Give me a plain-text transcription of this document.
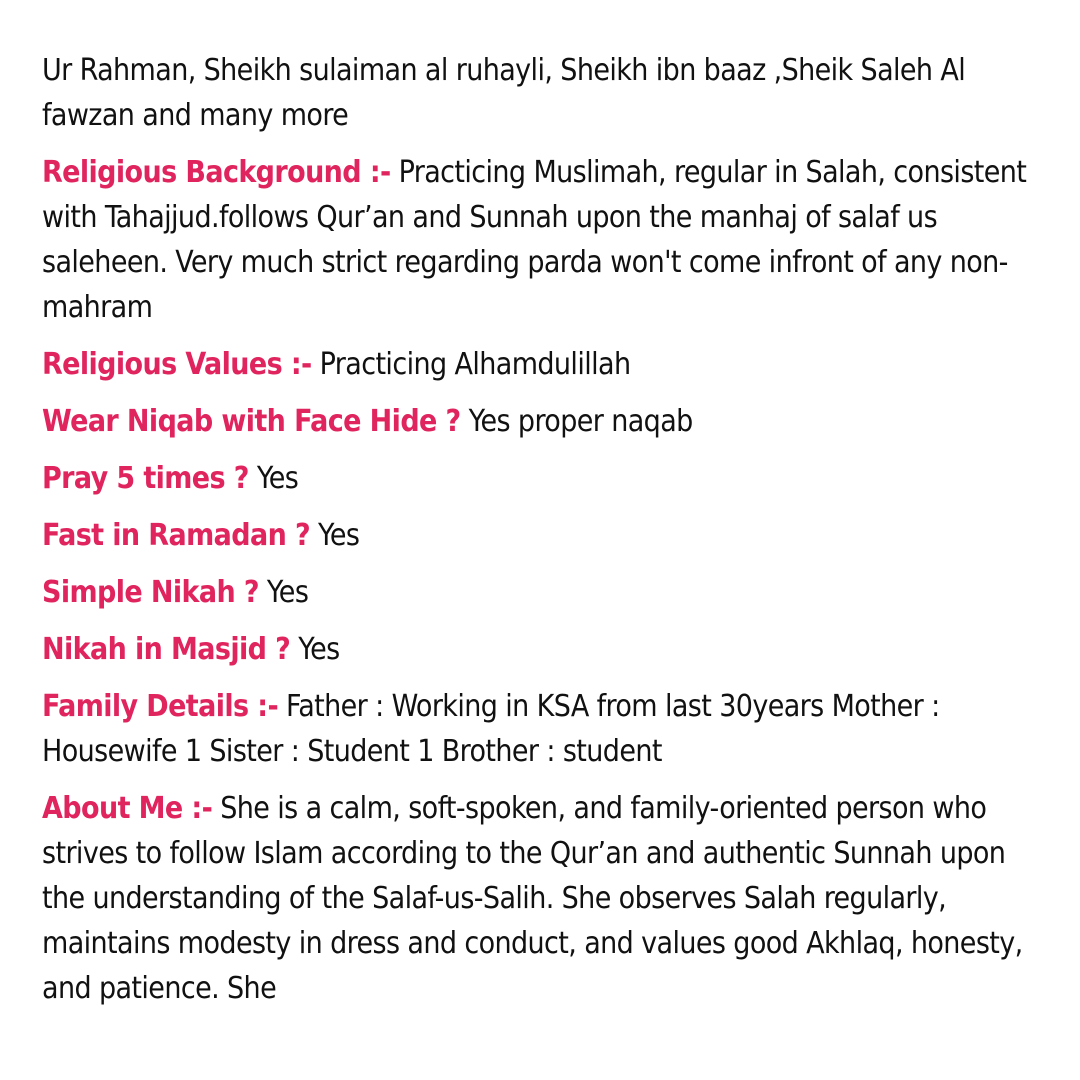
Ur Rahman, Sheikh sulaiman al ruhayli, Sheikh ibn baaz ,Sheik Saleh Al fawzan and many more

Religious Background :- Practicing Muslimah, regular in Salah, consistent with Tahajjud.follows Qur’an and Sunnah upon the manhaj of salaf us saleheen. Very much strict regarding parda won't come infront of any non-mahram

Religious Values :- Practicing Alhamdulillah

Wear Niqab with Face Hide ? Yes proper naqab

Pray 5 times ? Yes

Fast in Ramadan ? Yes

Simple Nikah ? Yes

Nikah in Masjid ? Yes

Family Details :- Father : Working in KSA from last 30years Mother : Housewife 1 Sister : Student 1 Brother : student

About Me :- She is a calm, soft-spoken, and family-oriented person who strives to follow Islam according to the Qur’an and authentic Sunnah upon the understanding of the Salaf-us-Salih. She observes Salah regularly, maintains modesty in dress and conduct, and values good Akhlaq, honesty, and patience. She
